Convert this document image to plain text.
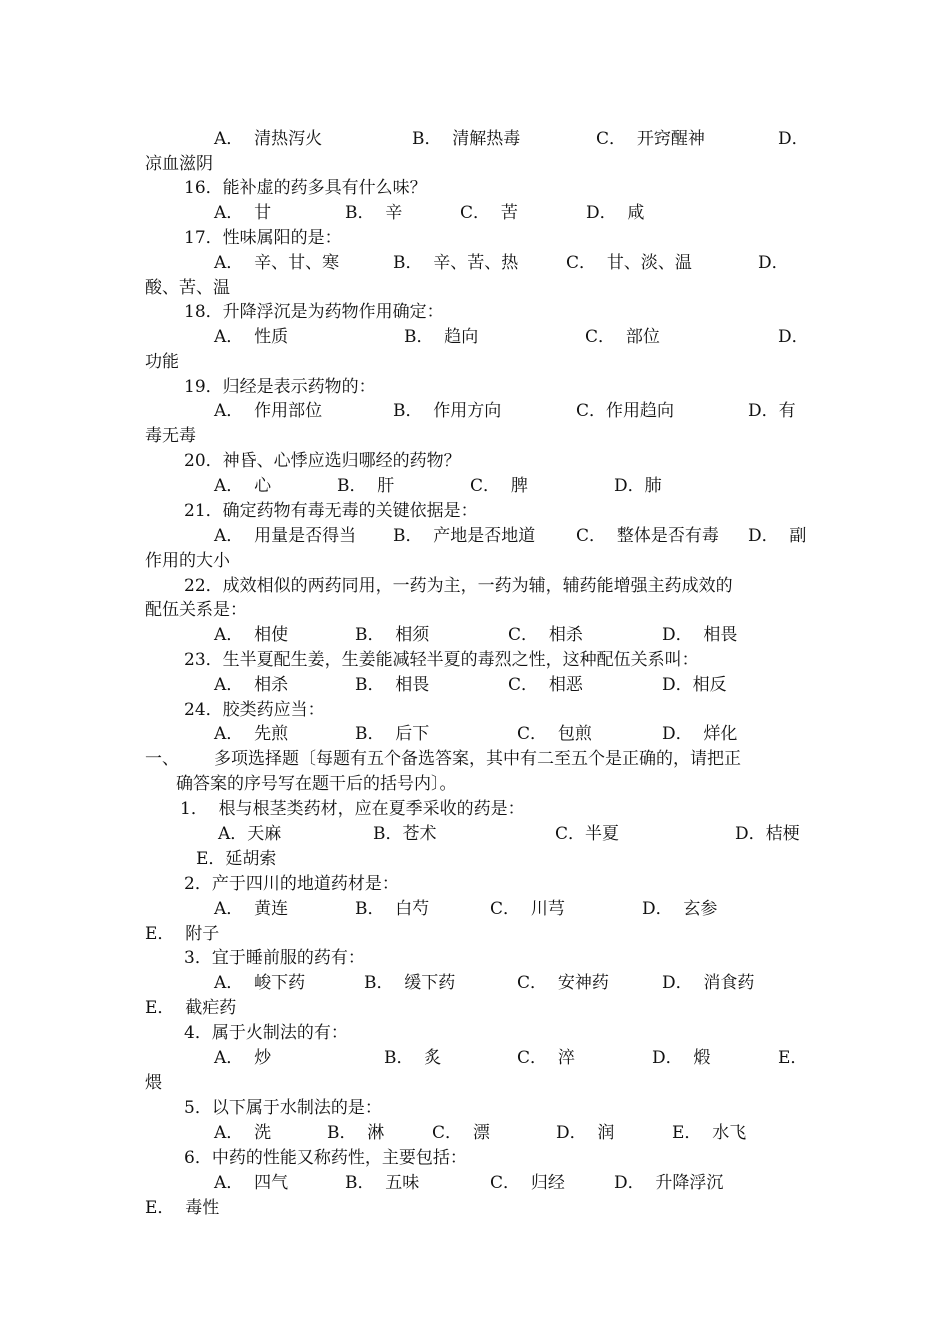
A．  清热泻火	B．  清解热毒	C．  开窍醒神	D．
凉血滋阴
16．能补虚的药多具有什么味？
A．  甘	B．  辛	C．  苦	D．  咸
17．性味属阳的是：
A．  辛、甘、寒	B．  辛、苦、热	C．  甘、淡、温	D．
酸、苦、温
18．升降浮沉是为药物作用确定：
A．  性质	B．  趋向	C．  部位	D．
功能
19．归经是表示药物的：
A．  作用部位	B．  作用方向	C．作用趋向	D．有
毒无毒
20．神昏、心悸应选归哪经的药物？
A．  心	B．  肝	C．  脾	D．肺
21．确定药物有毒无毒的关键依据是：
A．  用量是否得当 B．  产地是否地道 C．  整体是否有毒 D．  副
作用的大小
22．成效相似的两药同用，一药为主，一药为辅，辅药能增强主药成效的
配伍关系是：
A．  相使	B．  相须	C．  相杀	D．  相畏
23．生半夏配生姜，生姜能减轻半夏的毒烈之性，这种配伍关系叫：
A．  相杀	B．  相畏	C．  相恶	D．相反
24．胶类药应当：
A．  先煎	B．  后下	C．  包煎	D．  烊化
一、 多项选择题〔每题有五个备选答案，其中有二至五个是正确的，请把正
确答案的序号写在题干后的括号内〕。
1．  根与根茎类药材，应在夏季采收的药是：
A．天麻	B．苍术	C．半夏	D．桔梗
E．延胡索
2．产于四川的地道药材是：
A．  黄连	B．  白芍	C．  川芎	D．  玄参
E．  附子
3．宜于睡前服的药有：
A．  峻下药	B．  缓下药	C．  安神药	D．  消食药
E．  截疟药
4．属于火制法的有：
A．  炒	B．  炙	C．  淬	D．  煅	E．
煨
5．以下属于水制法的是：
A．  洗	B．  淋	C．  漂	D．  润	E．  水飞
6．中药的性能又称药性，主要包括：
A．  四气	B．  五味	C．  归经	D．  升降浮沉
E．  毒性
